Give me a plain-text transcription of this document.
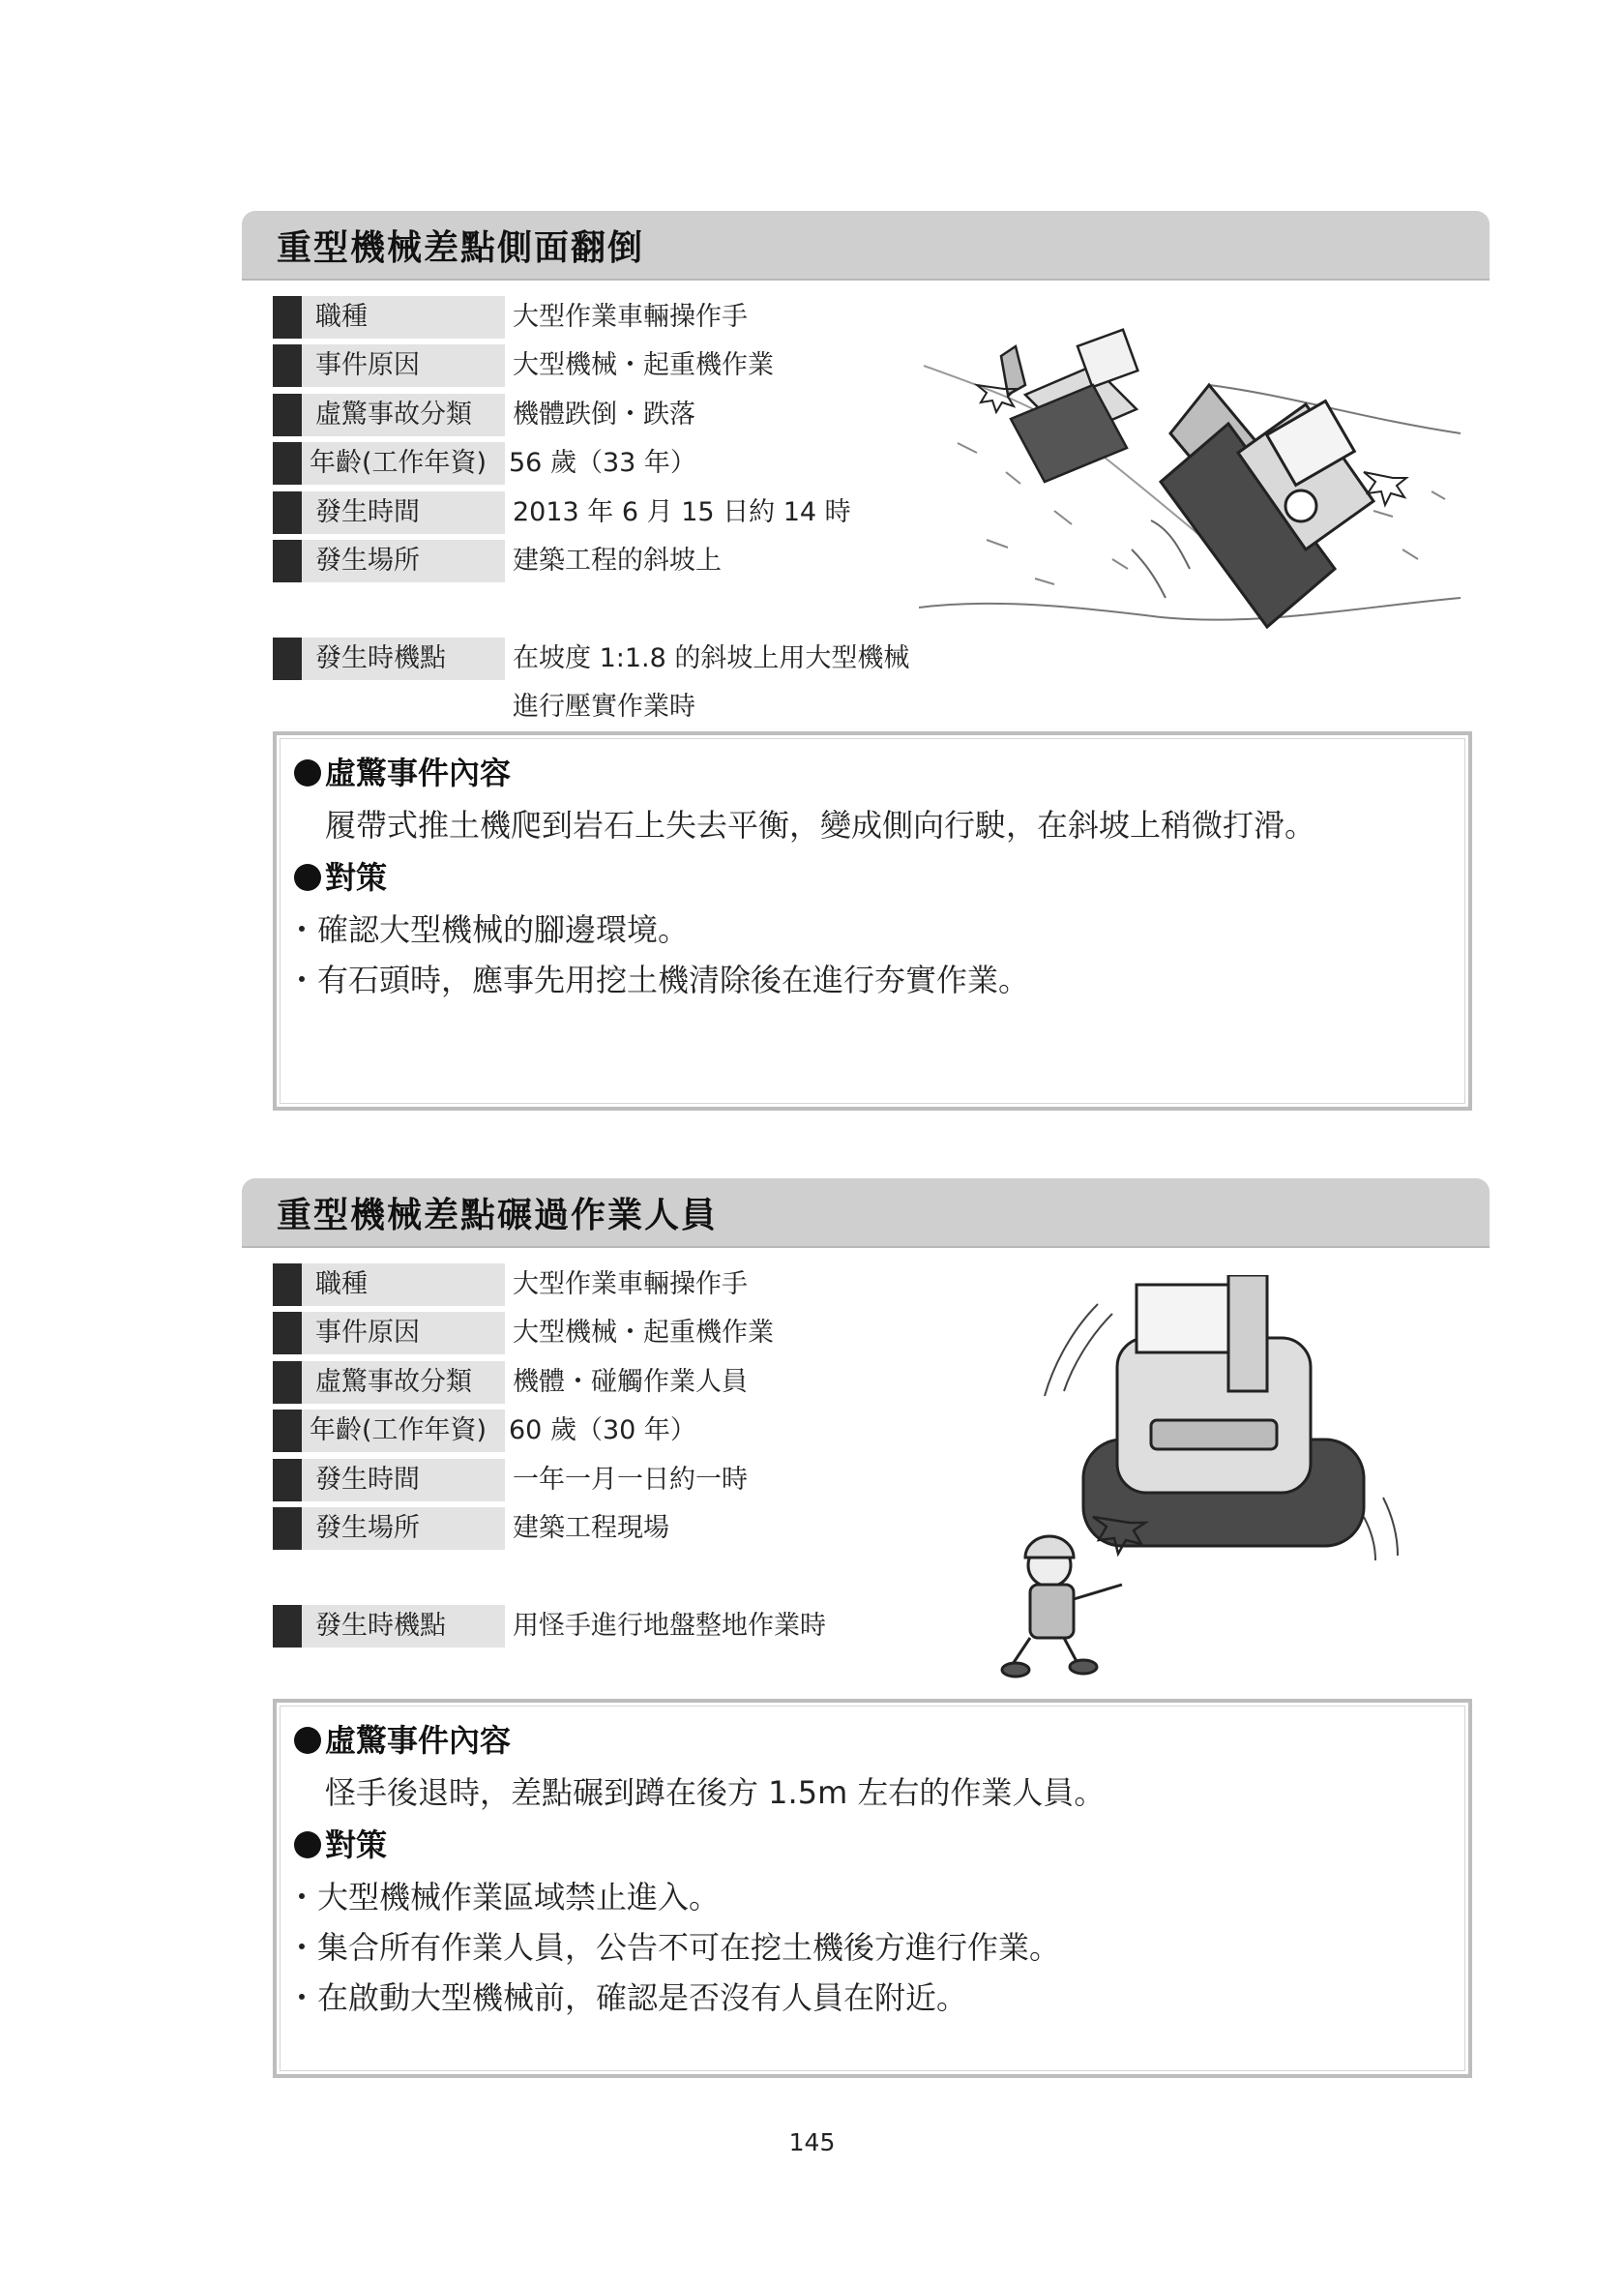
重型機械差點側面翻倒
職種	大型作業車輛操作手
事件原因	大型機械・起重機作業
虛驚事故分類	機體跌倒・跌落
年齡(工作年資) 56 歲（33 年）
發生時間	2013 年 6 月 15 日約 14 時
發生場所	建築工程的斜坡上
發生時機點	在坡度 1:1.8 的斜坡上用大型機械
進行壓實作業時
虛驚事件內容
履帶式推土機爬到岩石上失去平衡，變成側向行駛，在斜坡上稍微打滑。
對策
・確認大型機械的腳邊環境。
・有石頭時，應事先用挖土機清除後在進行夯實作業。
重型機械差點碾過作業人員
職種	大型作業車輛操作手
事件原因	大型機械・起重機作業
虛驚事故分類	機體・碰觸作業人員
年齡(工作年資) 60 歲（30 年）
發生時間	一年一月一日約一時
發生場所	建築工程現場
發生時機點	用怪手進行地盤整地作業時
虛驚事件內容
怪手後退時，差點碾到蹲在後方 1.5m 左右的作業人員。
對策
・大型機械作業區域禁止進入。
・集合所有作業人員，公告不可在挖土機後方進行作業。
・在啟動大型機械前，確認是否沒有人員在附近。
145
